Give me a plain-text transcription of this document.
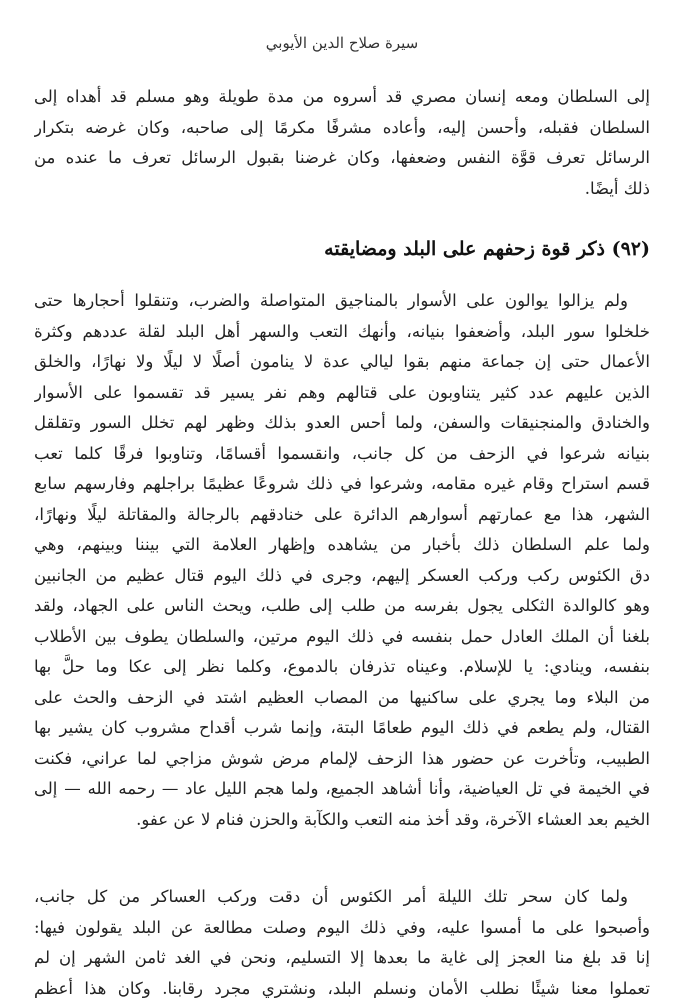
سيرة صلاح الدين الأيوبي
إلى السلطان ومعه إنسان مصري قد أسروه من مدة طويلة وهو مسلم قد أهداه إلى
السلطان فقبله، وأحسن إليه، وأعاده مشرفًا مكرمًا إلى صاحبه، وكان غرضه بتكرار
الرسائل تعرف قوَّة النفس وضعفها، وكان غرضنا بقبول الرسائل تعرف ما عنده من
ذلك أيضًا.
(٩٢) ذكر قوة زحفهم على البلد ومضايقته
ولم يزالوا يوالون على الأسوار بالمناجيق المتواصلة والضرب، وتنقلوا أحجارها حتى
خلخلوا سور البلد، وأضعفوا بنيانه، وأنهك التعب والسهر أهل البلد لقلة عددهم وكثرة
الأعمال حتى إن جماعة منهم بقوا ليالي عدة لا ينامون أصلًا لا ليلًا ولا نهارًا، والخلق
الذين عليهم عدد كثير يتناوبون على قتالهم وهم نفر يسير قد تقسموا على الأسوار
والخنادق والمنجنيقات والسفن، ولما أحس العدو بذلك وظهر لهم تخلل السور وتقلقل
بنيانه شرعوا في الزحف من كل جانب، وانقسموا أقسامًا، وتناوبوا فرقًا كلما تعب
قسم استراح وقام غيره مقامه، وشرعوا في ذلك شروعًا عظيمًا براجلهم وفارسهم سابع
الشهر، هذا مع عمارتهم أسوارهم الدائرة على خنادقهم بالرجالة والمقاتلة ليلًا ونهارًا،
ولما علم السلطان ذلك بأخبار من يشاهده وإظهار العلامة التي بيننا وبينهم، وهي
دق الكئوس ركب وركب العسكر إليهم، وجرى في ذلك اليوم قتال عظيم من الجانبين
وهو كالوالدة الثكلى يجول بفرسه من طلب إلى طلب، ويحث الناس على الجهاد، ولقد
بلغنا أن الملك العادل حمل بنفسه في ذلك اليوم مرتين، والسلطان يطوف بين الأطلاب
بنفسه، وينادي: يا للإسلام. وعيناه تذرفان بالدموع، وكلما نظر إلى عكا وما حلَّ بها
من البلاء وما يجري على ساكنيها من المصاب العظيم اشتد في الزحف والحث على
القتال، ولم يطعم في ذلك اليوم طعامًا البتة، وإنما شرب أقداح مشروب كان يشير بها
الطبيب، وتأخرت عن حضور هذا الزحف لإلمام مرض شوش مزاجي لما عراني، فكنت
في الخيمة في تل العياضية، وأنا أشاهد الجميع، ولما هجم الليل عاد — رحمه الله — إلى
الخيم بعد العشاء الآخرة، وقد أخذ منه التعب والكآبة والحزن فنام لا عن عفو.
ولما كان سحر تلك الليلة أمر الكئوس أن دقت وركب العساكر من كل جانب،
وأصبحوا على ما أمسوا عليه، وفي ذلك اليوم وصلت مطالعة عن البلد يقولون فيها:
إنا قد بلغ منا العجز إلى غاية ما بعدها إلا التسليم، ونحن في الغد ثامن الشهر إن لم
تعملوا معنا شيئًا نطلب الأمان ونسلم البلد، ونشتري مجرد رقابنا. وكان هذا أعظم
